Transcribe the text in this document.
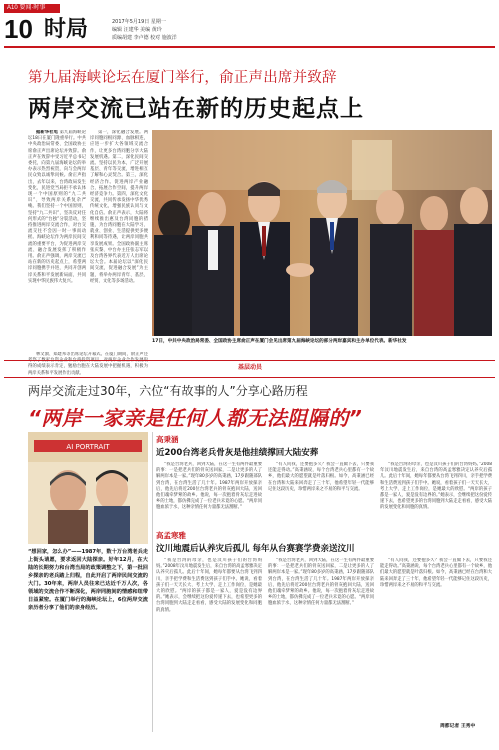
A10 要闻·时事
10 时局	2017年5月19日 星期一
编辑 汪建华 美编 黄玲
质编胡建 李卢德 校对 施波洋
第九届海峡论坛在厦门举行，俞正声出席并致辞
两岸交流已站在新的历史起点上

据新华社电 第九届海峡论坛18日在厦门隆重举行。中共中央政治局常委、全国政协主席俞正声出席论坛并致辞。俞正声在致辞中受习近平总书记委托，向第九届海峡论坛的举办表示热烈祝贺，向与会两岸民众致以诚挚问候。俞正声指出，去年以来，台湾政局发生变化，民进党当局拒不承认体现一个中国原则的“九二共识”，导致两岸关系复杂严峻。我们坚持一个中国原则，坚持“九二共识”，坚决反对任何形式的“台独”分裂活动，坚持推进两岸交流合作，对台交流交往不会因一时一事而动摇。海峡论坛作为两岸民间交流的重要平台，为促进两岸交流、融合发展发挥了积极作用。俞正声强调，两岸交流已站在新的历史起点上，希望两岸同胞携手并进，共同开创两岸关系和平发展新局面，共同实现中华民族伟大复兴。

第一，深化融合发展。两岸同胞同根同源、血脉相连，应进一步扩大各领域交流合作，让更多台湾同胞分享大陆发展机遇。第二，深化民间交流。坚持以民为本，广泛开展基层、青年等交流，增进相互了解和心灵契合。第三，深化经济合作。促进两岸产业融合，拓展合作空间，提升两岸经济竞争力。第四，深化文化交流，共同传承发扬中华优秀传统文化，增强民族认同与文化自信。俞正声表示，大陆将继续推出惠及台湾同胞的措施，为台湾同胞在大陆学习、就业、创业、生活提供更多便利和同等待遇，让两岸同胞共享发展成果。全国政协副主席张庆黎、中台办主任张志军以及台湾各界代表近万人出席论坛大会。本届论坛以“深化民间交流，促进融合发展”为主题，将举办两岸青年、基层、经贸、文化等多场活动。

林文漪、郑建邦等出席论坛开幕式。在厦门期间，俞正声还 得的成绩表示肯定，勉励台胞在大陆发展中把握机遇，积极为两岸关系和平发展作出贡献。

17日，中共中央政治局常委、全国政协主席俞正声在厦门会见出席第九届海峡论坛的部分两岸嘉宾和主办单位代表。新华社发
基层动员
两岸交流走过30年，六位“有故事的人”分享心路历程
“两岸一家亲是任何人都无法阻隔的”
AI PORTRAIT
“想回家，怎么办”——1987年，数十万台湾老兵走上街头请愿，要求返回大陆探亲。好年12月，在大陆的长期努力和台湾当局的政策调整之下，第一批回乡探亲的老兵踏上归程，自此开启了两岸民间交流的大门。30年来，两岸人员往来已达近千万人次，各领域的交流合作不断深化，两岸同胞间的情感和纽带日益紧密。在厦门举行的海峡论坛上，6位两岸交流亲历者分享了他们的亲身经历。
高秉涵
近200台湾老兵骨灰是他挂绩撑回大陆安葬

“我是台湾老兵，回到大陆，在这一生有两件最重要的事：一是把老兵们的骨灰送回家，二是让更多的人了解两岸本是一家。”现年80多岁的高秉涵，17岁跟随部队到台湾，在台湾生活了几十年。1987年两岸开放探亲后，他先后将近200位台湾老兵的骨灰抱回大陆，送回他们魂牵梦萦的故乡。他说，每一次抱着骨灰坛走进故乡的土地，都仿佛完成了一位老兵未竟的心愿。“两岸同胞血浓于水，这种亲情任何力量都无法割断。”

“有人问我，还要抱多久？我会一直做下去，只要我还能走得动。”高秉涵说，每个台湾老兵心里都有一个故乡，他们最大的愿望就是叶落归根。如今，高秉涵已经在台湾和大陆来回奔走了三十年，他希望年轻一代能够记住这段历史，珍惜两岸来之不易的和平与交流。

“我是台湾的母亲，也是汶川孩子们的台湾妈妈。”2008年汶川地震发生后，来自台湾的高孟寒雅决定认养灾后孤儿。此后十年间，她每年都要从台湾飞到四川，亲手把学费和生活费送到孩子们手中。她说，看着孩子们一天天长大、考上大学、走上工作岗位，是她最大的欣慰。“两岸的孩子都是一家人，爱是没有边界的。”她表示，会继续把这份爱传递下去，也希望更多的台湾同胞到大陆走走看看，感受大陆的发展变化和同胞的真情。

高孟寒雅
汶川地震后认养灾后孤儿 每年从台赛赛学费亲送汶川

“我是台湾的母亲，也是汶川孩子们的台湾妈妈。”2008年汶川地震发生后，来自台湾的高孟寒雅决定认养灾后孤儿。此后十年间，她每年都要从台湾飞到四川，亲手把学费和生活费送到孩子们手中。她说，看着孩子们一天天长大、考上大学、走上工作岗位，是她最大的欣慰。“两岸的孩子都是一家人，爱是没有边界的。”她表示，会继续把这份爱传递下去，也希望更多的台湾同胞到大陆走走看看，感受大陆的发展变化和同胞的真情。

“我是台湾老兵，回到大陆，在这一生有两件最重要的事：一是把老兵们的骨灰送回家，二是让更多的人了解两岸本是一家。”现年80多岁的高秉涵，17岁跟随部队到台湾，在台湾生活了几十年。1987年两岸开放探亲后，他先后将近200位台湾老兵的骨灰抱回大陆，送回他们魂牵梦萦的故乡。他说，每一次抱着骨灰坛走进故乡的土地，都仿佛完成了一位老兵未竟的心愿。“两岸同胞血浓于水，这种亲情任何力量都无法割断。”

“有人问我，还要抱多久？我会一直做下去，只要我还能走得动。”高秉涵说，每个台湾老兵心里都有一个故乡，他们最大的愿望就是叶落归根。如今，高秉涵已经在台湾和大陆来回奔走了三十年，他希望年轻一代能够记住这段历史，珍惜两岸来之不易的和平与交流。

周都记者 王秀中
